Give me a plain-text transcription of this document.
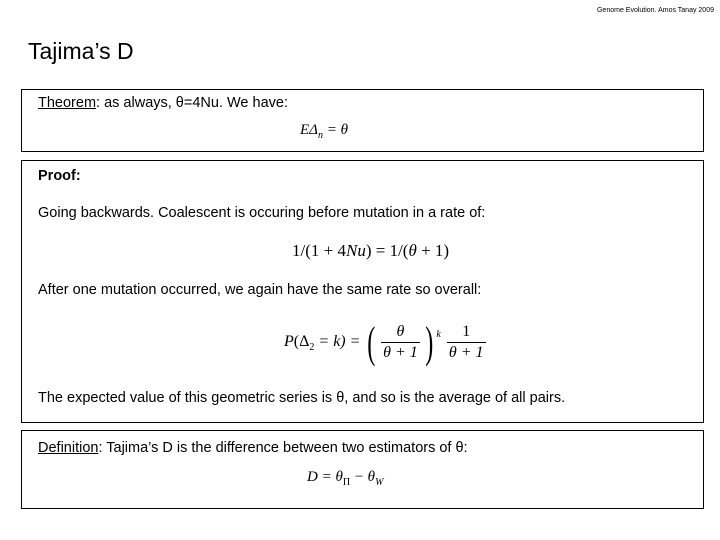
Genome Evolution. Amos Tanay 2009
Tajima’s D
Theorem: as always, θ=4Nu. We have:
$E\Delta_n = \theta$
Proof:
Going backwards. Coalescent is occuring before mutation in a rate of:
1/(1 + 4Nu) = 1/(θ + 1)
After one mutation occurred, we again have the same rate so overall:
$P(\Delta_2 = k)$ = ( $\frac{\theta}{\theta + 1}$ ) $^k \frac{1}{\theta + 1}$
The expected value of this geometric series is θ, and so is the average of all pairs.
Definition: Tajima’s D is the difference between two estimators of θ:
$D = \theta_\Pi - \theta_W$
